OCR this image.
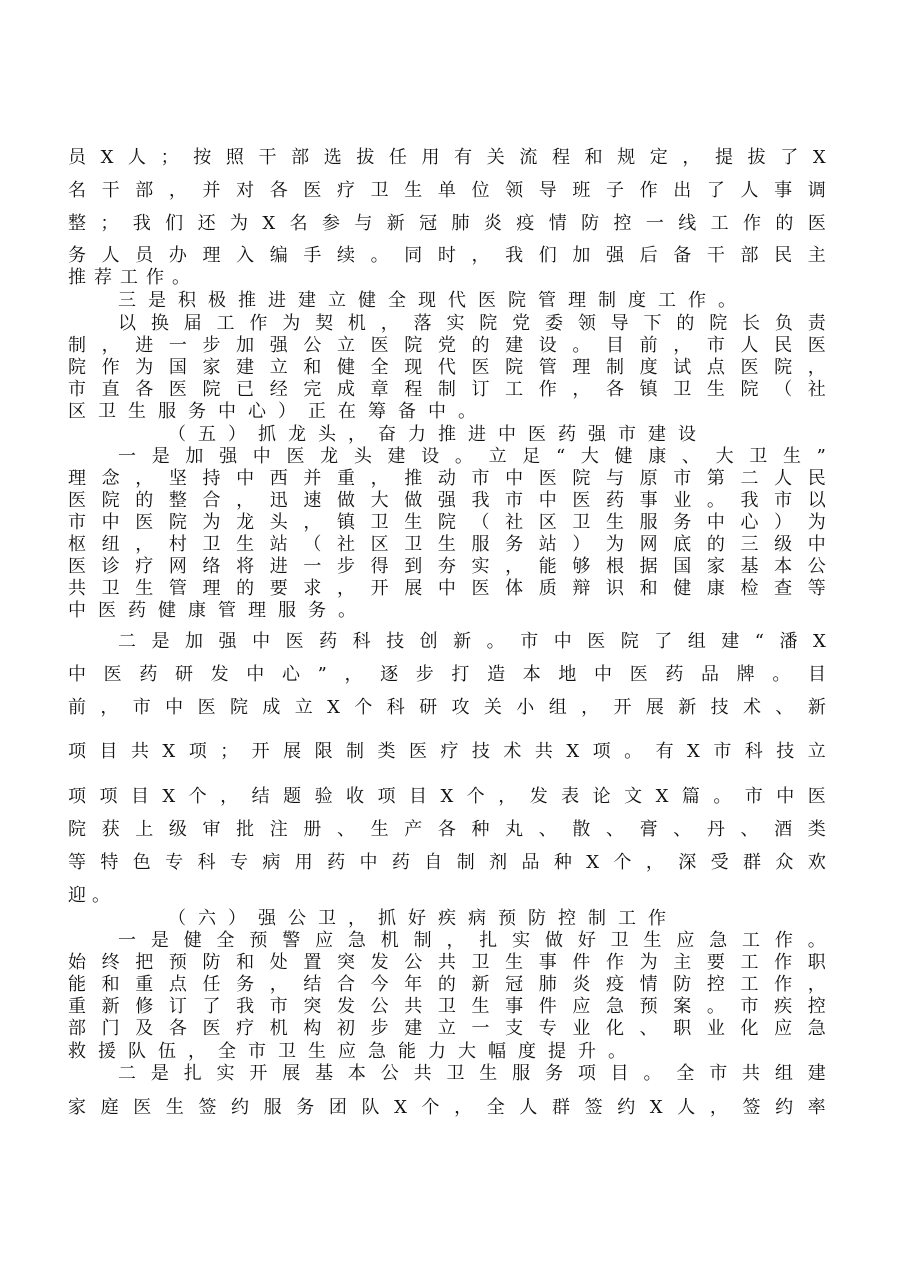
员 X 人 ； 按 照 干 部 选 拔 任 用 有 关 流 程 和 规 定 ， 提 拔 了 X
名 干 部 ， 并 对 各 医 疗 卫 生 单 位 领 导 班 子 作 出 了 人 事 调
整 ； 我 们 还 为 X 名 参 与 新 冠 肺 炎 疫 情 防 控 一 线 工 作 的 医
务 人 员 办 理 入 编 手 续 。 同 时 ， 我 们 加 强 后 备 干 部 民 主
推 荐 工 作 。
三 是 积 极 推 进 建 立 健 全 现 代 医 院 管 理 制 度 工 作 。
以 换 届 工 作 为 契 机 ， 落 实 院 党 委 领 导 下 的 院 长 负 责
制 ， 进 一 步 加 强 公 立 医 院 党 的 建 设 。 目 前 ， 市 人 民 医
院 作 为 国 家 建 立 和 健 全 现 代 医 院 管 理 制 度 试 点 医 院 ，
市 直 各 医 院 已 经 完 成 章 程 制 订 工 作 ， 各 镇 卫 生 院 （ 社
区 卫 生 服 务 中 心 ） 正 在 筹 备 中 。
（ 五 ） 抓 龙 头 ， 奋 力 推 进 中 医 药 强 市 建 设
一 是 加 强 中 医 龙 头 建 设 。 立 足 “ 大 健 康 、 大 卫 生 ”
理 念 ， 坚 持 中 西 并 重 ， 推 动 市 中 医 院 与 原 市 第 二 人 民
医 院 的 整 合 ， 迅 速 做 大 做 强 我 市 中 医 药 事 业 。 我 市 以
市 中 医 院 为 龙 头 ， 镇 卫 生 院 （ 社 区 卫 生 服 务 中 心 ） 为
枢 纽 ， 村 卫 生 站 （ 社 区 卫 生 服 务 站 ） 为 网 底 的 三 级 中
医 诊 疗 网 络 将 进 一 步 得 到 夯 实 ， 能 够 根 据 国 家 基 本 公
共 卫 生 管 理 的 要 求 ， 开 展 中 医 体 质 辩 识 和 健 康 检 查 等
中 医 药 健 康 管 理 服 务 。
二 是 加 强 中 医 药 科 技 创 新 。 市 中 医 院 了 组 建 “ 潘 X
中 医 药 研 发 中 心 ” ， 逐 步 打 造 本 地 中 医 药 品 牌 。 目
前 ， 市 中 医 院 成 立 X 个 科 研 攻 关 小 组 ， 开 展 新 技 术 、 新
项 目 共 X 项 ； 开 展 限 制 类 医 疗 技 术 共 X 项 。 有 X 市 科 技 立
项 项 目 X 个 ， 结 题 验 收 项 目 X 个 ， 发 表 论 文 X 篇 。 市 中 医
院 获 上 级 审 批 注 册 、 生 产 各 种 丸 、 散 、 膏 、 丹 、 酒 类
等 特 色 专 科 专 病 用 药 中 药 自 制 剂 品 种 X 个 ， 深 受 群 众 欢
迎 。
（ 六 ） 强 公 卫 ， 抓 好 疾 病 预 防 控 制 工 作
一 是 健 全 预 警 应 急 机 制 ， 扎 实 做 好 卫 生 应 急 工 作 。
始 终 把 预 防 和 处 置 突 发 公 共 卫 生 事 件 作 为 主 要 工 作 职
能 和 重 点 任 务 ， 结 合 今 年 的 新 冠 肺 炎 疫 情 防 控 工 作 ，
重 新 修 订 了 我 市 突 发 公 共 卫 生 事 件 应 急 预 案 。 市 疾 控
部 门 及 各 医 疗 机 构 初 步 建 立 一 支 专 业 化 、 职 业 化 应 急
救 援 队 伍 ， 全 市 卫 生 应 急 能 力 大 幅 度 提 升 。
二 是 扎 实 开 展 基 本 公 共 卫 生 服 务 项 目 。 全 市 共 组 建
家 庭 医 生 签 约 服 务 团 队 X 个 ， 全 人 群 签 约 X 人 ， 签 约 率
